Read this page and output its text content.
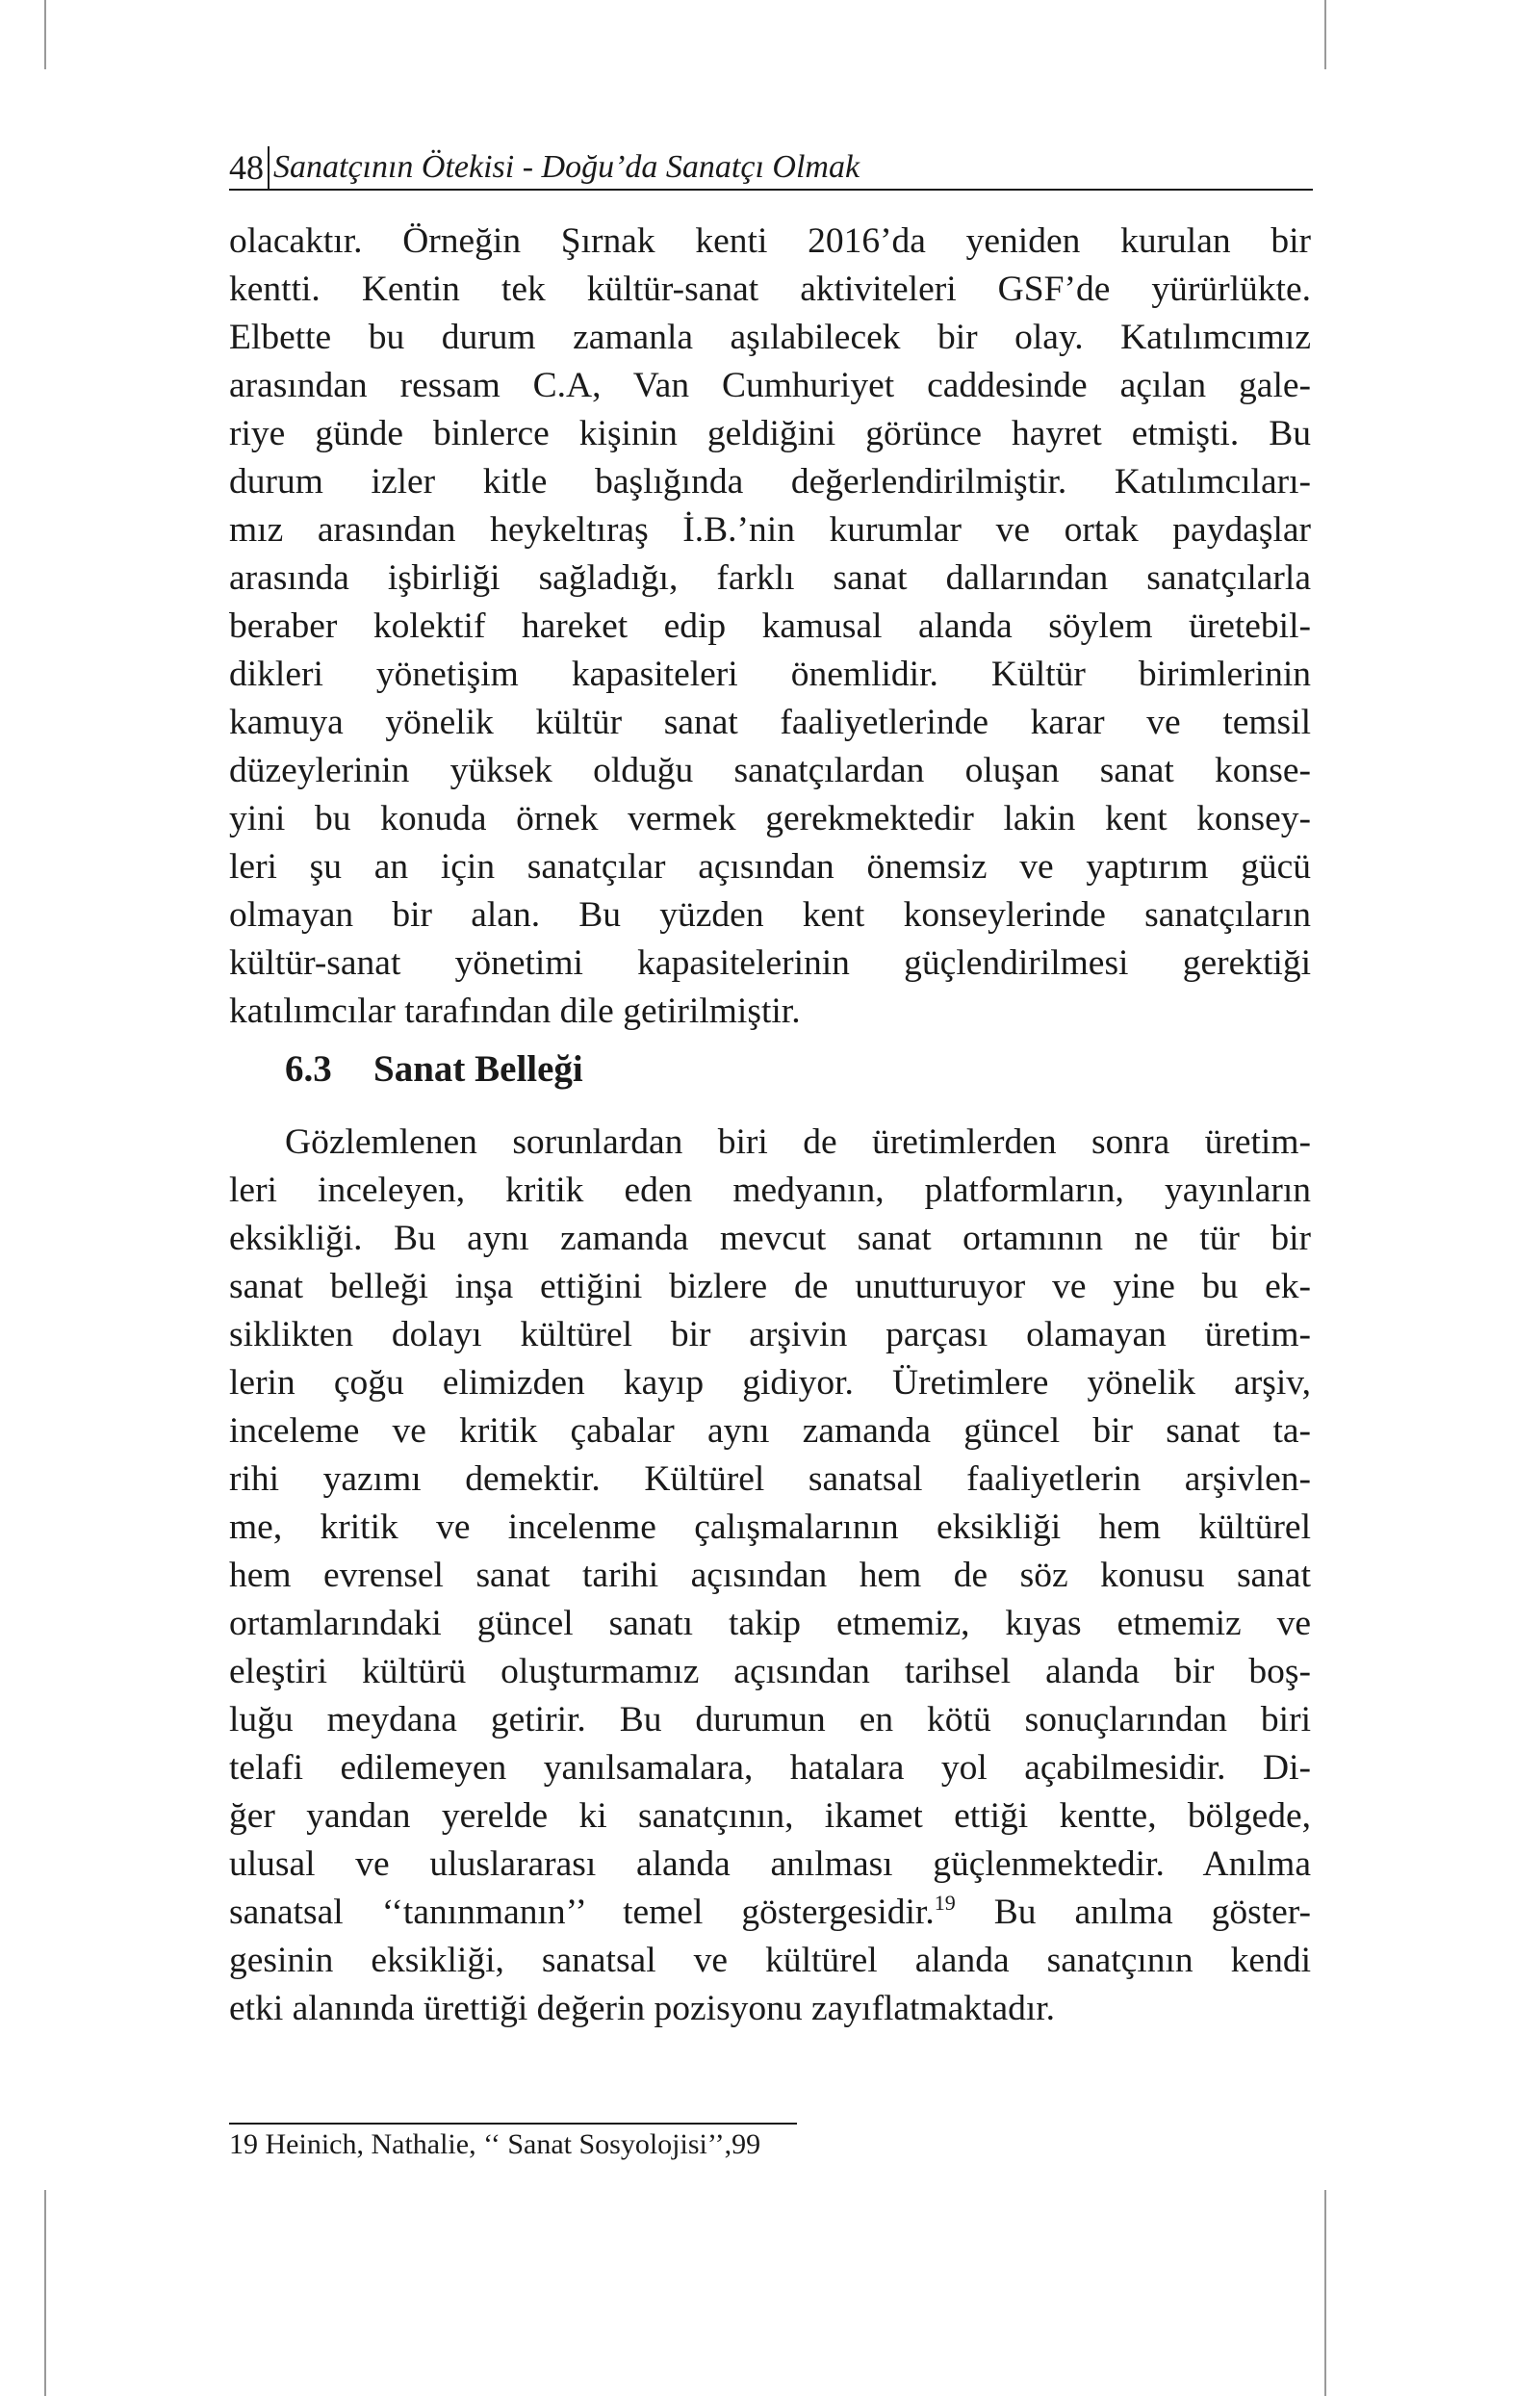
48 Sanatçının Ötekisi - Doğu’da Sanatçı Olmak
olacaktır. Örneğin Şırnak kenti 2016’da yeniden kurulan bir
kentti. Kentin tek kültür-sanat aktiviteleri GSF’de yürürlükte.
Elbette bu durum zamanla aşılabilecek bir olay. Katılımcımız
arasından ressam C.A, Van Cumhuriyet caddesinde açılan gale-
riye günde binlerce kişinin geldiğini görünce hayret etmişti. Bu
durum izler kitle başlığında değerlendirilmiştir. Katılımcıları-
mız arasından heykeltıraş İ.B.’nin kurumlar ve ortak paydaşlar
arasında işbirliği sağladığı, farklı sanat dallarından sanatçılarla
beraber kolektif hareket edip kamusal alanda söylem üretebil-
dikleri yönetişim kapasiteleri önemlidir. Kültür birimlerinin
kamuya yönelik kültür sanat faaliyetlerinde karar ve temsil
düzeylerinin yüksek olduğu sanatçılardan oluşan sanat konse-
yini bu konuda örnek vermek gerekmektedir lakin kent konsey-
leri şu an için sanatçılar açısından önemsiz ve yaptırım gücü
olmayan bir alan. Bu yüzden kent konseylerinde sanatçıların
kültür-sanat yönetimi kapasitelerinin güçlendirilmesi gerektiği
katılımcılar tarafından dile getirilmiştir.
6.3 Sanat Belleği
Gözlemlenen sorunlardan biri de üretimlerden sonra üretim-
leri inceleyen, kritik eden medyanın, platformların, yayınların
eksikliği. Bu aynı zamanda mevcut sanat ortamının ne tür bir
sanat belleği inşa ettiğini bizlere de unutturuyor ve yine bu ek-
siklikten dolayı kültürel bir arşivin parçası olamayan üretim-
lerin çoğu elimizden kayıp gidiyor. Üretimlere yönelik arşiv,
inceleme ve kritik çabalar aynı zamanda güncel bir sanat ta-
rihi yazımı demektir. Kültürel sanatsal faaliyetlerin arşivlen-
me, kritik ve incelenme çalışmalarının eksikliği hem kültürel
hem evrensel sanat tarihi açısından hem de söz konusu sanat
ortamlarındaki güncel sanatı takip etmemiz, kıyas etmemiz ve
eleştiri kültürü oluşturmamız açısından tarihsel alanda bir boş-
luğu meydana getirir. Bu durumun en kötü sonuçlarından biri
telafi edilemeyen yanılsamalara, hatalara yol açabilmesidir. Di-
ğer yandan yerelde ki sanatçının, ikamet ettiği kentte, bölgede,
ulusal ve uluslararası alanda anılması güçlenmektedir. Anılma
sanatsal ‘‘tanınmanın’’ temel göstergesidir.$^{19}$ Bu anılma göster-
gesinin eksikliği, sanatsal ve kültürel alanda sanatçının kendi
etki alanında ürettiği değerin pozisyonu zayıflatmaktadır.
19 Heinich, Nathalie, ‘‘ Sanat Sosyolojisi’’,99
